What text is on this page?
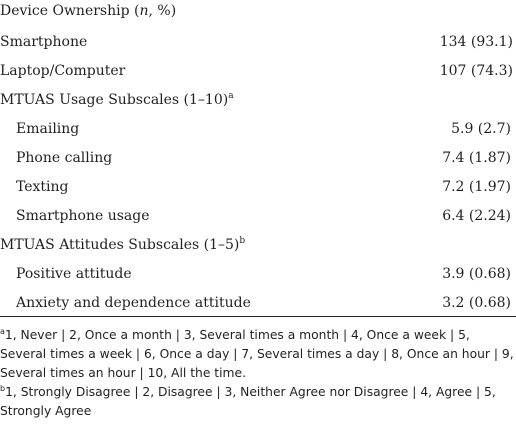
Device Ownership (n, %)
Smartphone	134 (93.1)
Laptop/Computer	107 (74.3)
MTUAS Usage Subscales $(1-10)^a$
Emailing	5.9 (2.7)
Phone calling	7.4 (1.87)
Texting	7.2 (1.97)
Smartphone usage	6.4 (2.24)
MTUAS Attitudes Subscales $(1-5)^b$
Positive attitude	3.9 (0.68)
Anxiety and dependence attitude	3.2 (0.68)

$^a$1, Never | 2, Once a month | 3, Several times a month | 4, Once a week | 5, Several times a week | 6, Once a day | 7, Several times a day | 8, Once an hour | 9, Several times an hour | 10, All the time.

$^b$1, Strongly Disagree | 2, Disagree | 3, Neither Agree nor Disagree | 4, Agree | 5, Strongly Agree
